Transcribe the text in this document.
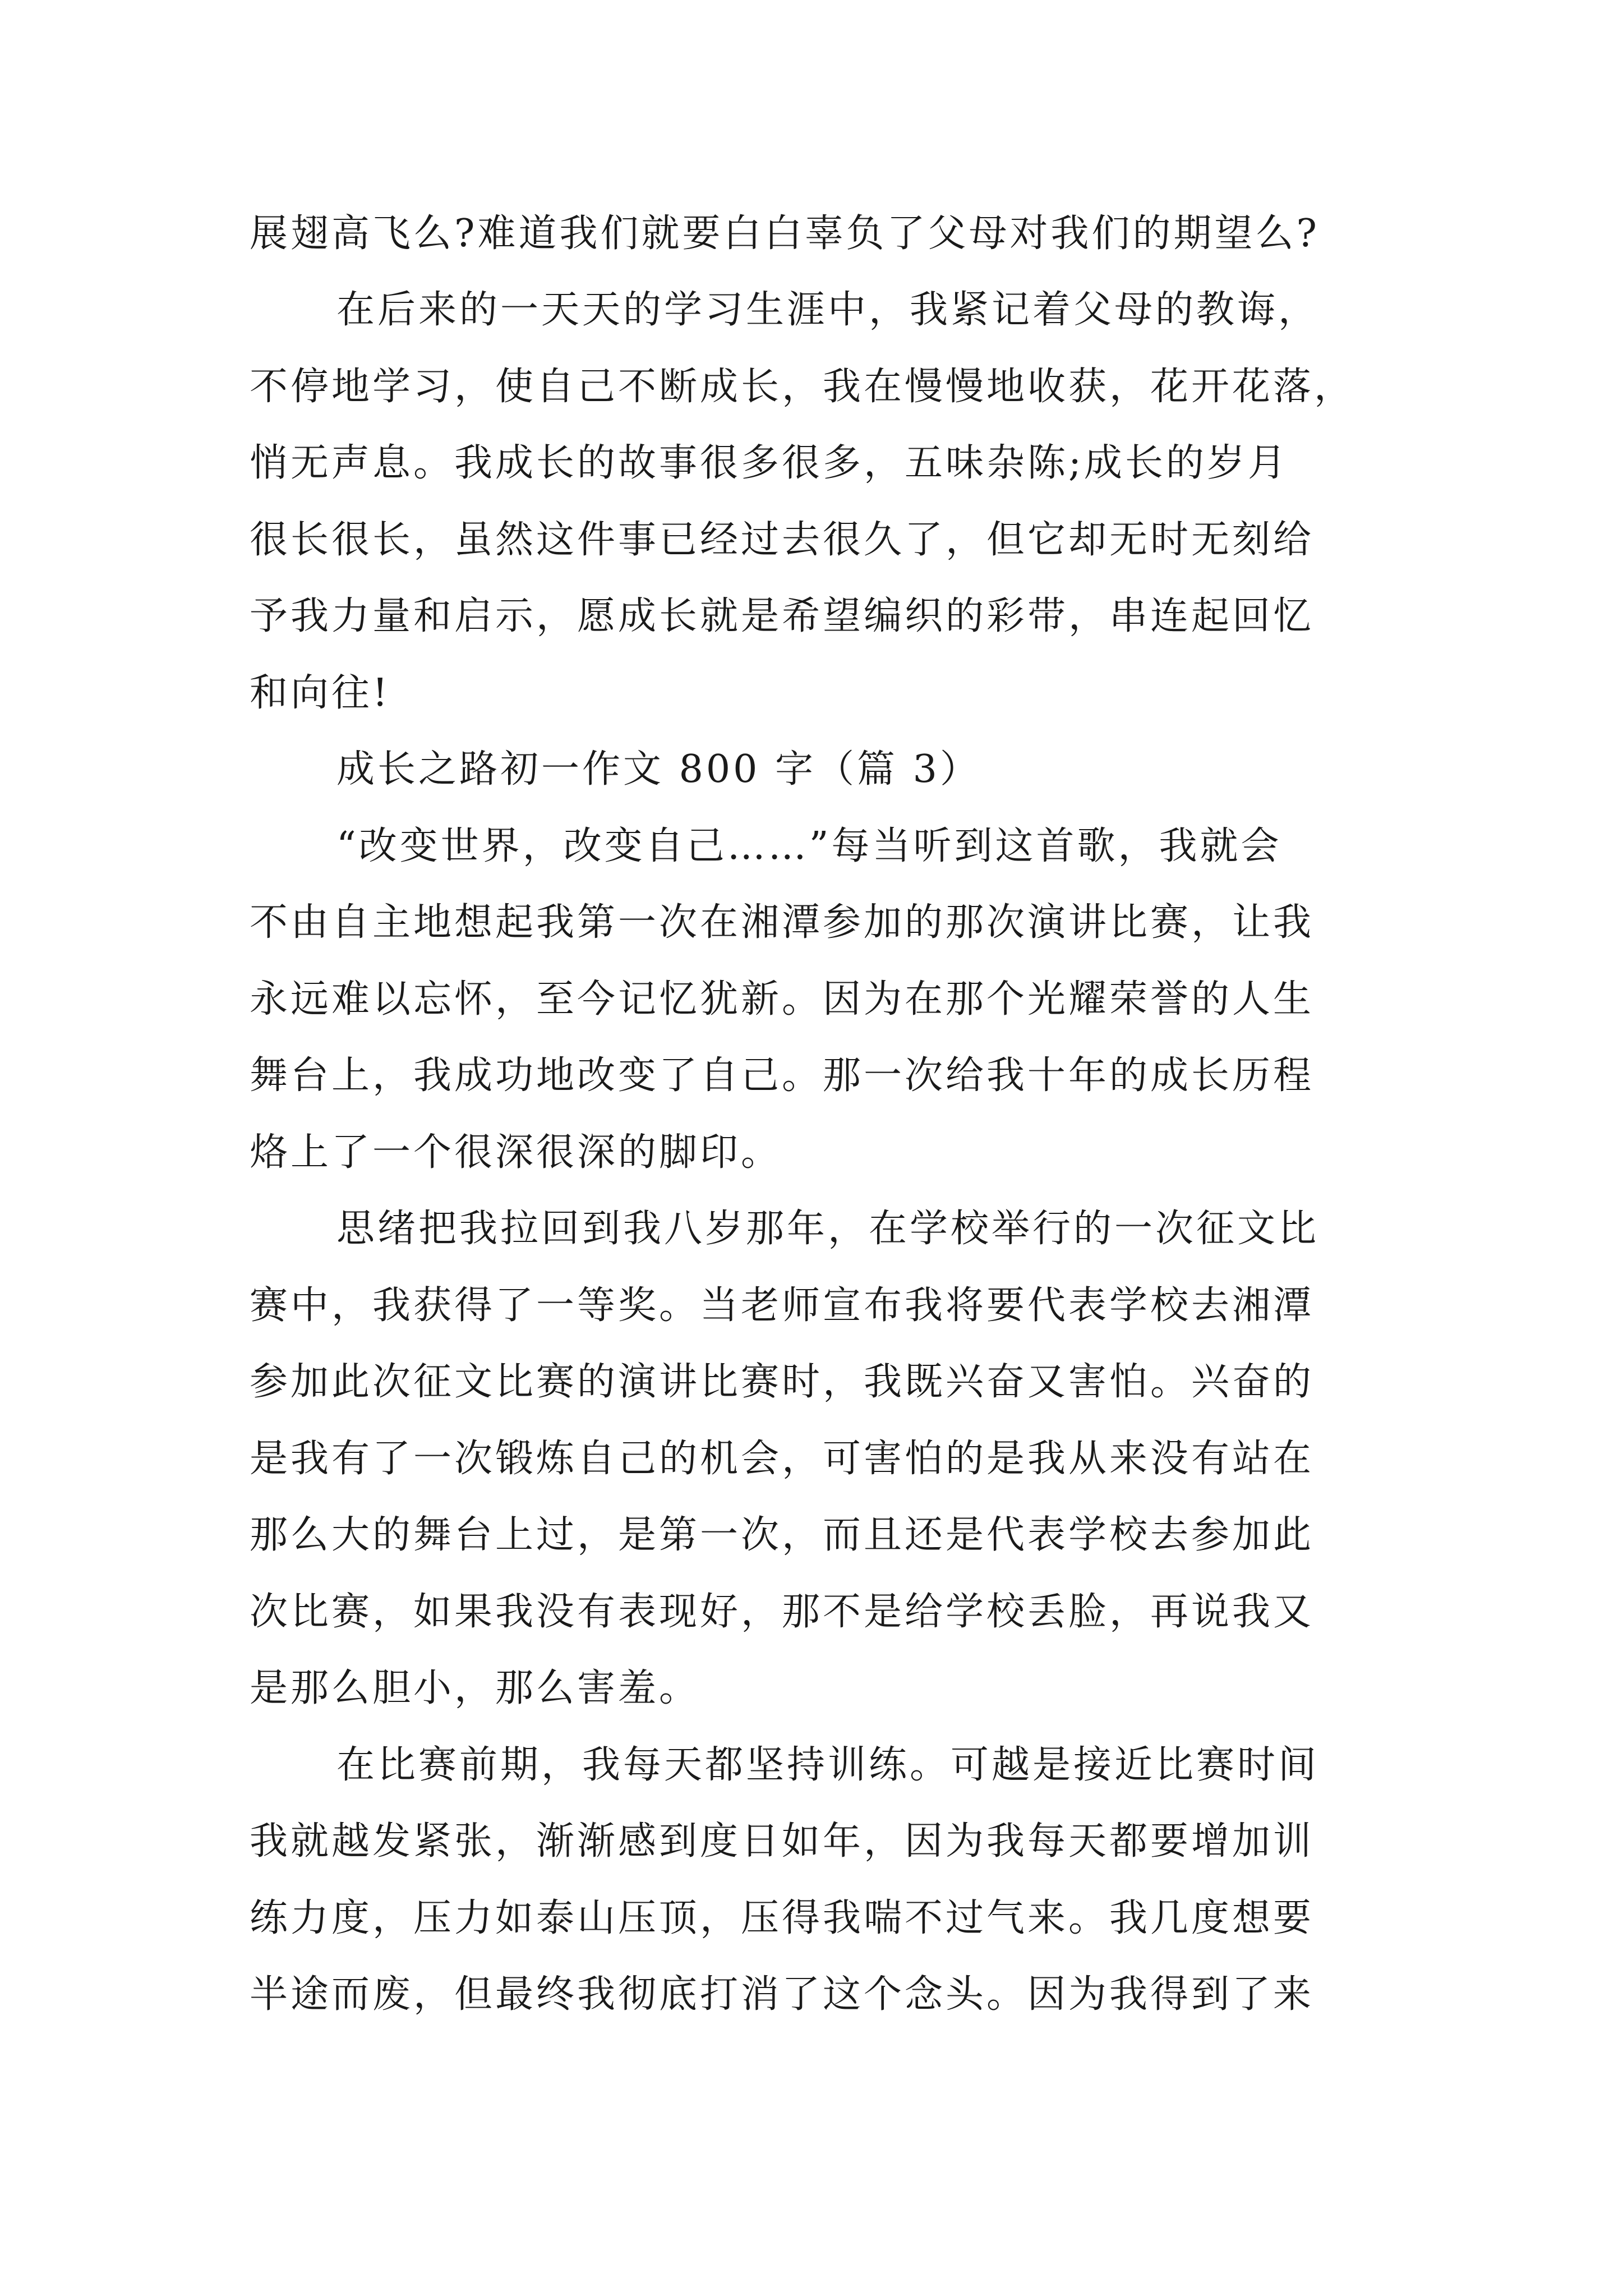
展翅高飞么?难道我们就要白白辜负了父母对我们的期望么?
在后来的一天天的学习生涯中，我紧记着父母的教诲，
不停地学习，使自己不断成长，我在慢慢地收获，花开花落，
悄无声息。我成长的故事很多很多，五味杂陈;成长的岁月
很长很长，虽然这件事已经过去很久了，但它却无时无刻给
予我力量和启示，愿成长就是希望编织的彩带，串连起回忆
和向往!
成长之路初一作文 800 字（篇 3）
“改变世界，改变自己……”每当听到这首歌，我就会
不由自主地想起我第一次在湘潭参加的那次演讲比赛，让我
永远难以忘怀，至今记忆犹新。因为在那个光耀荣誉的人生
舞台上，我成功地改变了自己。那一次给我十年的成长历程
烙上了一个很深很深的脚印。
思绪把我拉回到我八岁那年，在学校举行的一次征文比
赛中，我获得了一等奖。当老师宣布我将要代表学校去湘潭
参加此次征文比赛的演讲比赛时，我既兴奋又害怕。兴奋的
是我有了一次锻炼自己的机会，可害怕的是我从来没有站在
那么大的舞台上过，是第一次，而且还是代表学校去参加此
次比赛，如果我没有表现好，那不是给学校丢脸，再说我又
是那么胆小，那么害羞。
在比赛前期，我每天都坚持训练。可越是接近比赛时间
我就越发紧张，渐渐感到度日如年，因为我每天都要增加训
练力度，压力如泰山压顶，压得我喘不过气来。我几度想要
半途而废，但最终我彻底打消了这个念头。因为我得到了来
